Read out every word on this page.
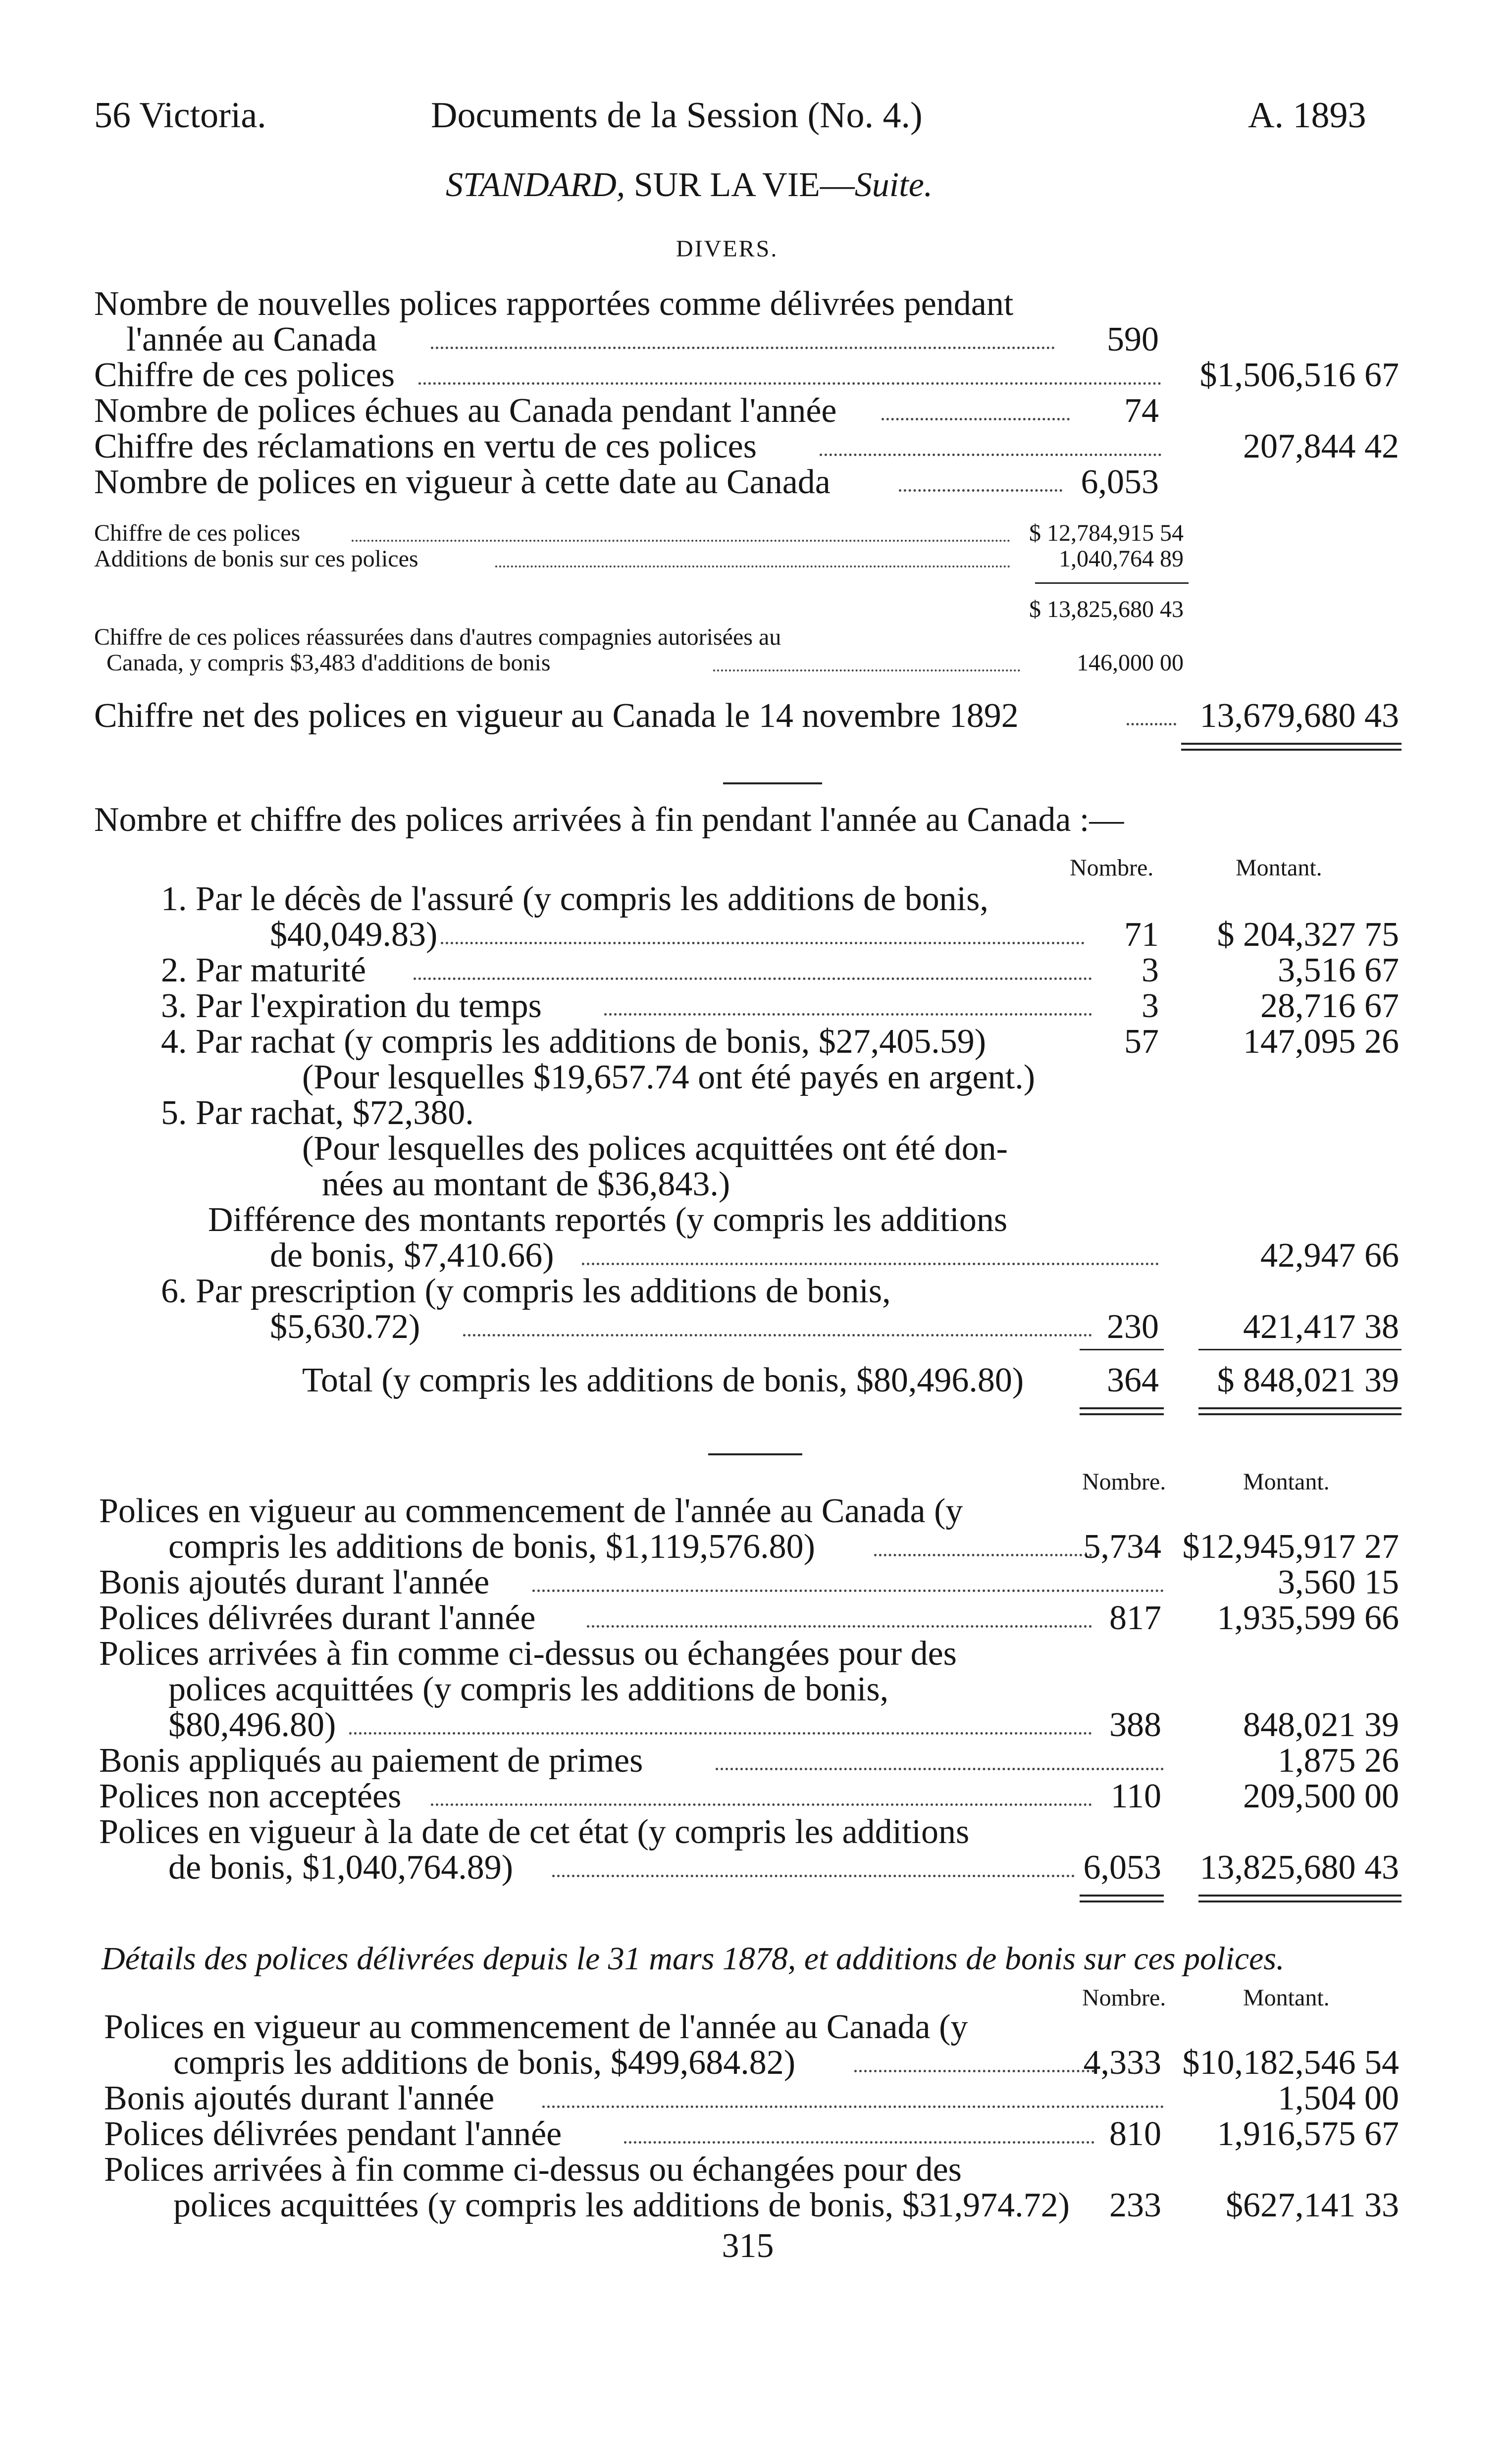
56 Victoria.	Documents de la Session (No. 4.)	A. 1893
STANDARD, SUR LA VIE—Suite.
DIVERS.
Nombre de nouvelles polices rapportées comme délivrées pendant
l'année au Canada	590
Chiffre de ces polices	$1,506,516 67
Nombre de polices échues au Canada pendant l'année	74
Chiffre des réclamations en vertu de ces polices	207,844 42
Nombre de polices en vigueur à cette date au Canada	6,053
Chiffre de ces polices	$ 12,784,915 54
Additions de bonis sur ces polices	1,040,764 89
$ 13,825,680 43
Chiffre de ces polices réassurées dans d'autres compagnies autorisées au
Canada, y compris $3,483 d'additions de bonis	146,000 00
Chiffre net des polices en vigueur au Canada le 14 novembre 1892	13,679,680 43
Nombre et chiffre des polices arrivées à fin pendant l'année au Canada :—
Nombre.	Montant.
1. Par le décès de l'assuré (y compris les additions de bonis,
$40,049.83)	71	$ 204,327 75
2. Par maturité	3	3,516 67
3. Par l'expiration du temps	3	28,716 67
4. Par rachat (y compris les additions de bonis, $27,405.59)	57	147,095 26
(Pour lesquelles $19,657.74 ont été payés en argent.)
5. Par rachat, $72,380.
(Pour lesquelles des polices acquittées ont été don-
nées au montant de $36,843.)
Différence des montants reportés (y compris les additions
de bonis, $7,410.66)	42,947 66
6. Par prescription (y compris les additions de bonis,
$5,630.72)	230	421,417 38
Total (y compris les additions de bonis, $80,496.80)	364	$ 848,021 39
Nombre.	Montant.
Polices en vigueur au commencement de l'année au Canada (y
compris les additions de bonis, $1,119,576.80)	5,734 $12,945,917 27
Bonis ajoutés durant l'année	3,560 15
Polices délivrées durant l'année	817	1,935,599 66
Polices arrivées à fin comme ci-dessus ou échangées pour des
polices acquittées (y compris les additions de bonis,
$80,496.80)	388	848,021 39
Bonis appliqués au paiement de primes	1,875 26
Polices non acceptées	110	209,500 00
Polices en vigueur à la date de cet état (y compris les additions
de bonis, $1,040,764.89)	6,053	13,825,680 43
Détails des polices délivrées depuis le 31 mars 1878, et additions de bonis sur ces polices.
Nombre.	Montant.
Polices en vigueur au commencement de l'année au Canada (y
compris les additions de bonis, $499,684.82)	4,333 $10,182,546 54
Bonis ajoutés durant l'année	1,504 00
Polices délivrées pendant l'année	810	1,916,575 67
Polices arrivées à fin comme ci-dessus ou échangées pour des
polices acquittées (y compris les additions de bonis, $31,974.72)	233	$627,141 33
315
